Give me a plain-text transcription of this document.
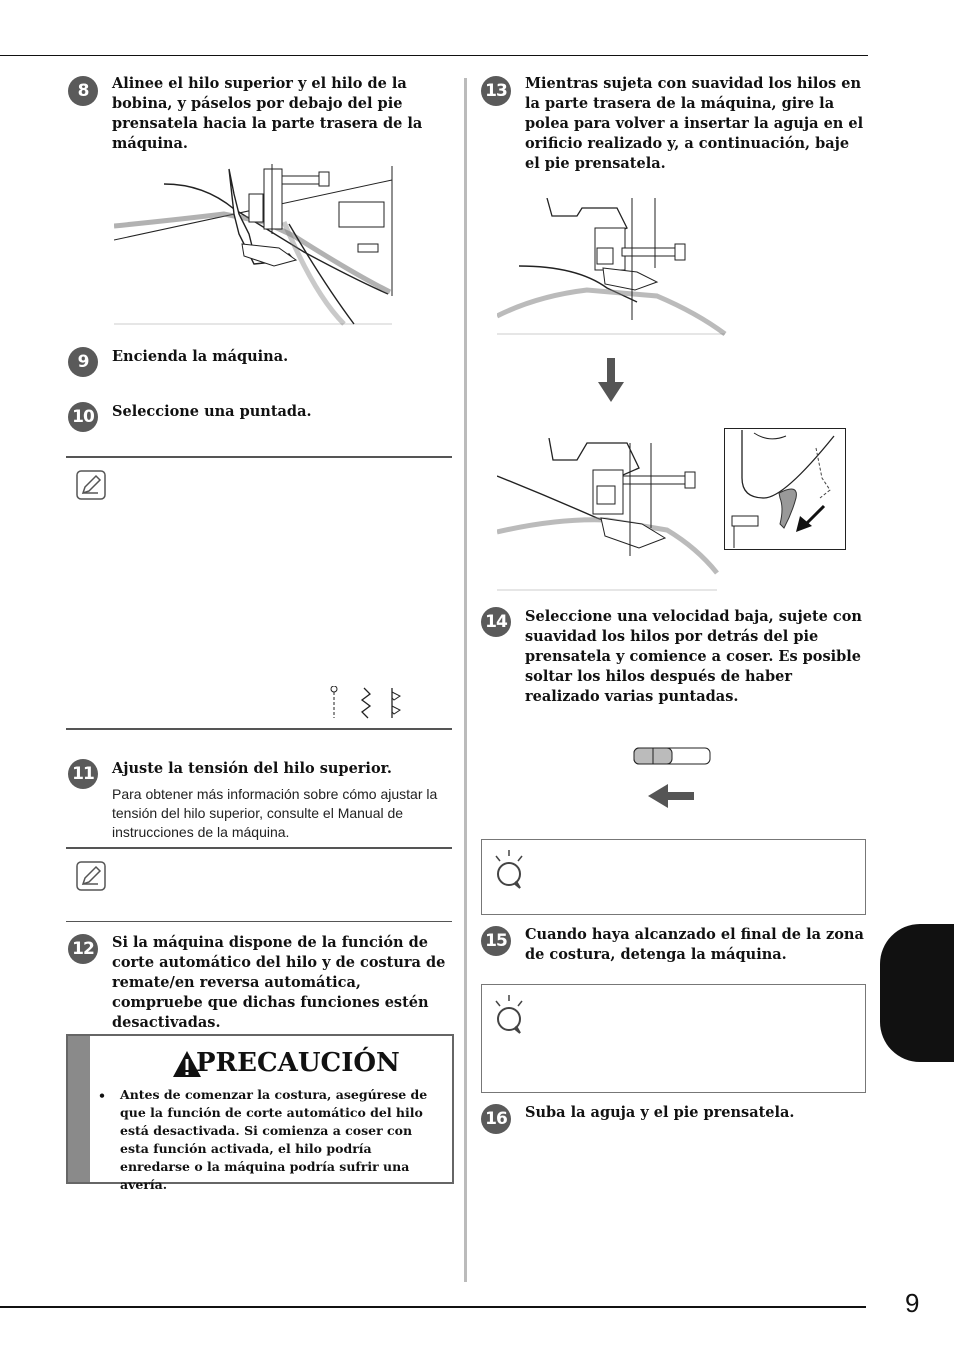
8 Alinee el hilo superior y el hilo de la bobina, y páselos por debajo del pie prensatela hacia la parte trasera de la máquina.
9 Encienda la máquina.
10 Seleccione una puntada.
11 Ajuste la tensión del hilo superior.
Para obtener más información sobre cómo ajustar la tensión del hilo superior, consulte el Manual de instrucciones de la máquina.
12 Si la máquina dispone de la función de corte automático del hilo y de costura de remate/en reversa automática, compruebe que dichas funciones estén desactivadas.
PRECAUCIÓN
• Antes de comenzar la costura, asegúrese de que la función de corte automático del hilo está desactivada. Si comienza a coser con esta función activada, el hilo podría enredarse o la máquina podría sufrir una avería.
13 Mientras sujeta con suavidad los hilos en la parte trasera de la máquina, gire la polea para volver a insertar la aguja en el orificio realizado y, a continuación, baje el pie prensatela.
14 Seleccione una velocidad baja, sujete con suavidad los hilos por detrás del pie prensatela y comience a coser. Es posible soltar los hilos después de haber realizado varias puntadas.
15 Cuando haya alcanzado el final de la zona de costura, detenga la máquina.
16 Suba la aguja y el pie prensatela.
9
